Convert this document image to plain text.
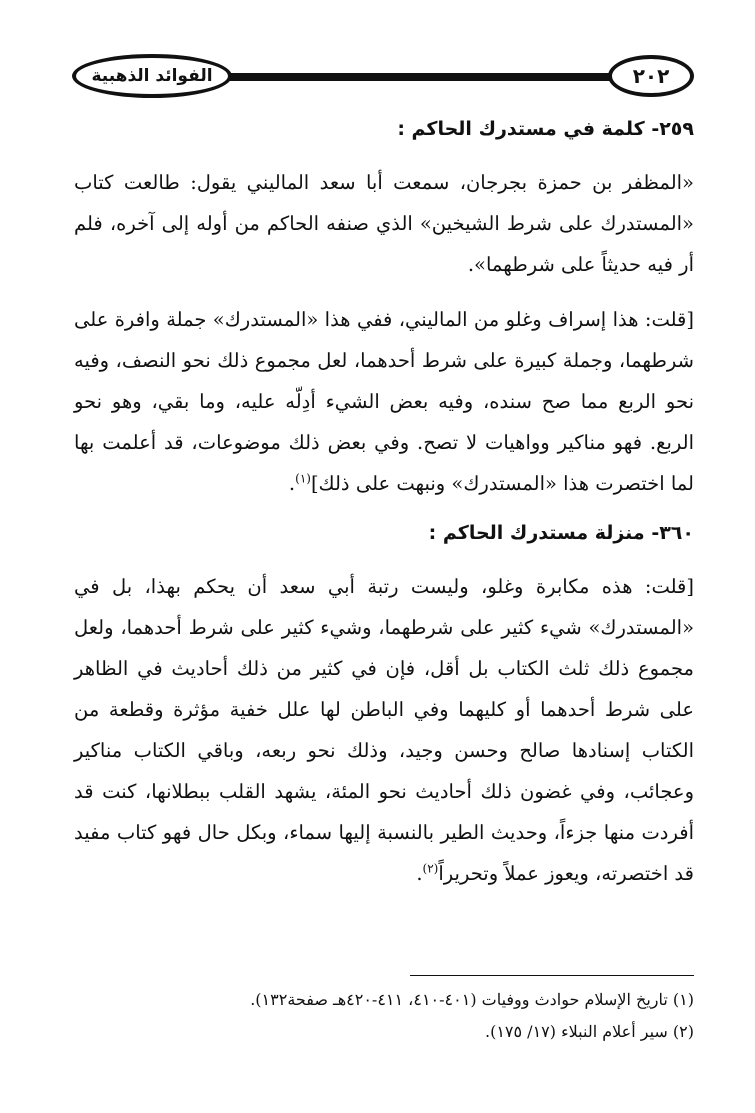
الفوائد الذهبية	٢٠٢
٢٥٩- كلمة في مستدرك الحاكم :

«المظفر بن حمزة بجرجان، سمعت أبا سعد الماليني يقول: طالعت كتاب «المستدرك على شرط الشيخين» الذي صنفه الحاكم من أوله إلى آخره، فلم أر فيه حديثاً على شرطهما».

[قلت: هذا إسراف وغلو من الماليني، ففي هذا «المستدرك» جملة وافرة على شرطهما، وجملة كبيرة على شرط أحدهما، لعل مجموع ذلك نحو النصف، وفيه نحو الربع مما صح سنده، وفيه بعض الشيء أدِلّه عليه، وما بقي، وهو نحو الربع. فهو مناكير وواهيات لا تصح. وفي بعض ذلك موضوعات، قد أعلمت بها لما اختصرت هذا «المستدرك» ونبهت على ذلك]$^{(١)}$.

٣٦٠- منزلة مستدرك الحاكم :

[قلت: هذه مكابرة وغلو، وليست رتبة أبي سعد أن يحكم بهذا، بل في «المستدرك» شيء كثير على شرطهما، وشيء كثير على شرط أحدهما، ولعل مجموع ذلك ثلث الكتاب بل أقل، فإن في كثير من ذلك أحاديث في الظاهر على شرط أحدهما أو كليهما وفي الباطن لها علل خفية مؤثرة وقطعة من الكتاب إسنادها صالح وحسن وجيد، وذلك نحو ربعه، وباقي الكتاب مناكير وعجائب، وفي غضون ذلك أحاديث نحو المئة، يشهد القلب ببطلانها، كنت قد أفردت منها جزءاً، وحديث الطير بالنسبة إليها سماء، وبكل حال فهو كتاب مفيد قد اختصرته، ويعوز عملاً وتحريراً$^{(٢)}$.

(١) تاريخ الإسلام حوادث ووفيات (٤٠١-٤١٠، ٤١١-٤٢٠هـ صفحة١٣٢).

(٢) سير أعلام النبلاء (١٧/ ١٧٥).
